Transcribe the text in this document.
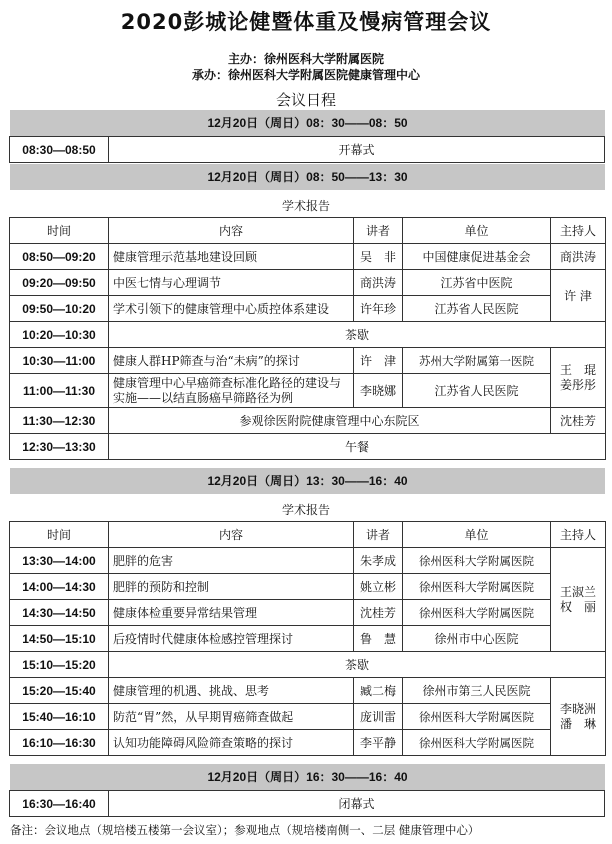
2020彭城论健暨体重及慢病管理会议
主办：徐州医科大学附属医院
承办：徐州医科大学附属医院健康管理中心
会议日程
12月20日（周日）08：30——08：50
08:30—08:50	开幕式
12月20日（周日）08：50——13：30
学术报告
时间	内容	讲者	单位	主持人
08:50—09:20	健康管理示范基地建设回顾	吴　非	中国健康促进基金会	商洪涛
09:20—09:50	中医七情与心理调节	商洪涛	江苏省中医院	许 津
09:50—10:20	学术引领下的健康管理中心质控体系建设	许年珍	江苏省人民医院	
10:20—10:30	茶歇			
10:30—11:00	健康人群HP筛查与治“未病”的探讨	许　津	苏州大学附属第一医院	王　琨 姜彤彤
11:00—11:30	健康管理中心早癌筛查标准化路径的建设与实施——以结直肠癌早筛路径为例	李晓娜	江苏省人民医院	
11:30—12:30	参观徐医附院健康管理中心东院区			沈桂芳
12:30—13:30	午餐			
12月20日（周日）13：30——16：40
学术报告
时间	内容	讲者	单位	主持人
13:30—14:00	肥胖的危害	朱孝成	徐州医科大学附属医院	王淑兰 权　丽
14:00—14:30	肥胖的预防和控制	姚立彬	徐州医科大学附属医院	
14:30—14:50	健康体检重要异常结果管理	沈桂芳	徐州医科大学附属医院	
14:50—15:10	后疫情时代健康体检感控管理探讨	鲁　慧	徐州市中心医院	
15:10—15:20	茶歇			
15:20—15:40	健康管理的机遇、挑战、思考	臧二梅	徐州市第三人民医院	李晓洲 潘　琳
15:40—16:10	防范“胃”然，从早期胃癌筛查做起	庞训雷	徐州医科大学附属医院	
16:10—16:30	认知功能障碍风险筛查策略的探讨	李平静	徐州医科大学附属医院	
12月20日（周日）16：30——16：40
16:30—16:40	闭幕式
备注：会议地点（规培楼五楼第一会议室）；参观地点（规培楼南侧一、二层 健康管理中心）
